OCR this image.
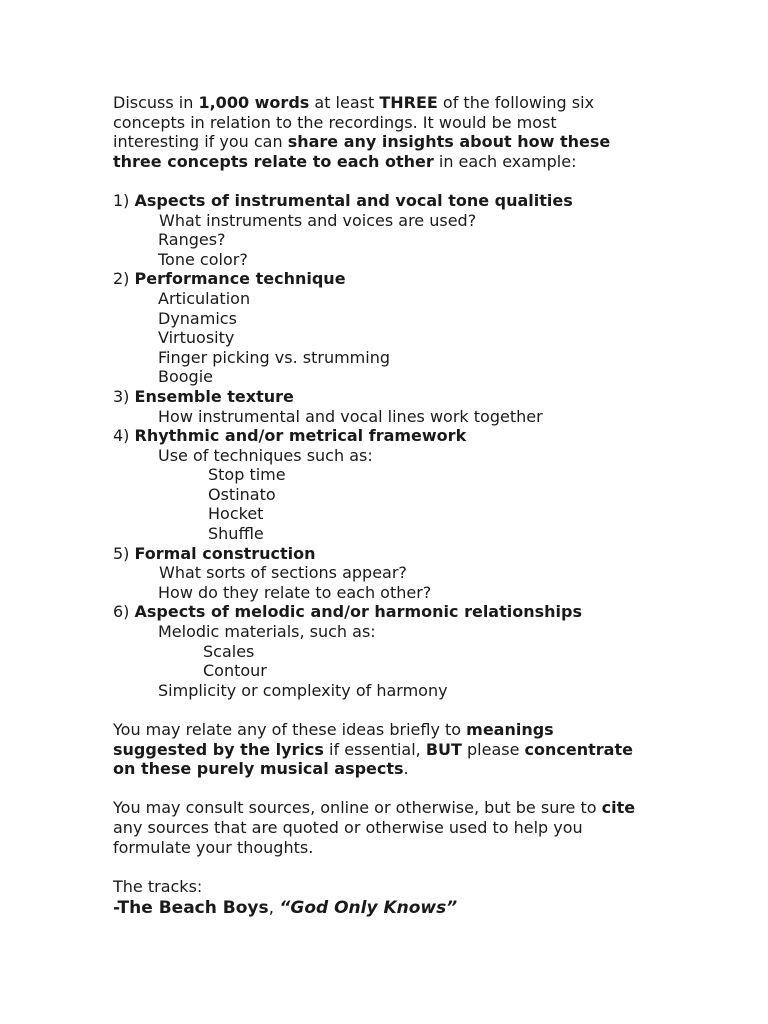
Discuss in 1,000 words at least THREE of the following six
concepts in relation to the recordings. It would be most
interesting if you can share any insights about how these
three concepts relate to each other in each example:
1) Aspects of instrumental and vocal tone qualities
What instruments and voices are used?
Ranges?
Tone color?
2) Performance technique
Articulation
Dynamics
Virtuosity
Finger picking vs. strumming
Boogie
3) Ensemble texture
How instrumental and vocal lines work together
4) Rhythmic and/or metrical framework
Use of techniques such as:
Stop time
Ostinato
Hocket
Shuffle
5) Formal construction
What sorts of sections appear?
How do they relate to each other?
6) Aspects of melodic and/or harmonic relationships
Melodic materials, such as:
Scales
Contour
Simplicity or complexity of harmony
You may relate any of these ideas briefly to meanings
suggested by the lyrics if essential, BUT please concentrate
on these purely musical aspects.
You may consult sources, online or otherwise, but be sure to cite
any sources that are quoted or otherwise used to help you
formulate your thoughts.
The tracks:
-The Beach Boys, “God Only Knows”
